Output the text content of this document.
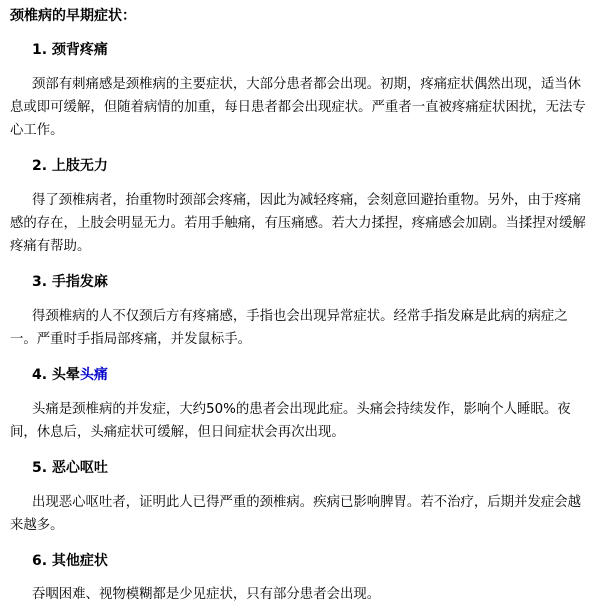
颈椎病的早期症状：
1. 颈背疼痛
颈部有刺痛感是颈椎病的主要症状，大部分患者都会出现。初期，疼痛症状偶然出现，适当休息或即可缓解，但随着病情的加重，每日患者都会出现症状。严重者一直被疼痛症状困扰，无法专心工作。
2. 上肢无力
得了颈椎病者，抬重物时颈部会疼痛，因此为减轻疼痛，会刻意回避抬重物。另外，由于疼痛感的存在，上肢会明显无力。若用手触痛，有压痛感。若大力揉捏，疼痛感会加剧。当揉捏对缓解疼痛有帮助。
3. 手指发麻
得颈椎病的人不仅颈后方有疼痛感，手指也会出现异常症状。经常手指发麻是此病的病症之一。严重时手指局部疼痛，并发鼠标手。
4. 头晕头痛
头痛是颈椎病的并发症，大约50%的患者会出现此症。头痛会持续发作，影响个人睡眠。夜间，休息后，头痛症状可缓解，但日间症状会再次出现。
5. 恶心呕吐
出现恶心呕吐者，证明此人已得严重的颈椎病。疾病已影响脾胃。若不治疗，后期并发症会越来越多。
6. 其他症状
吞咽困难、视物模糊都是少见症状，只有部分患者会出现。
